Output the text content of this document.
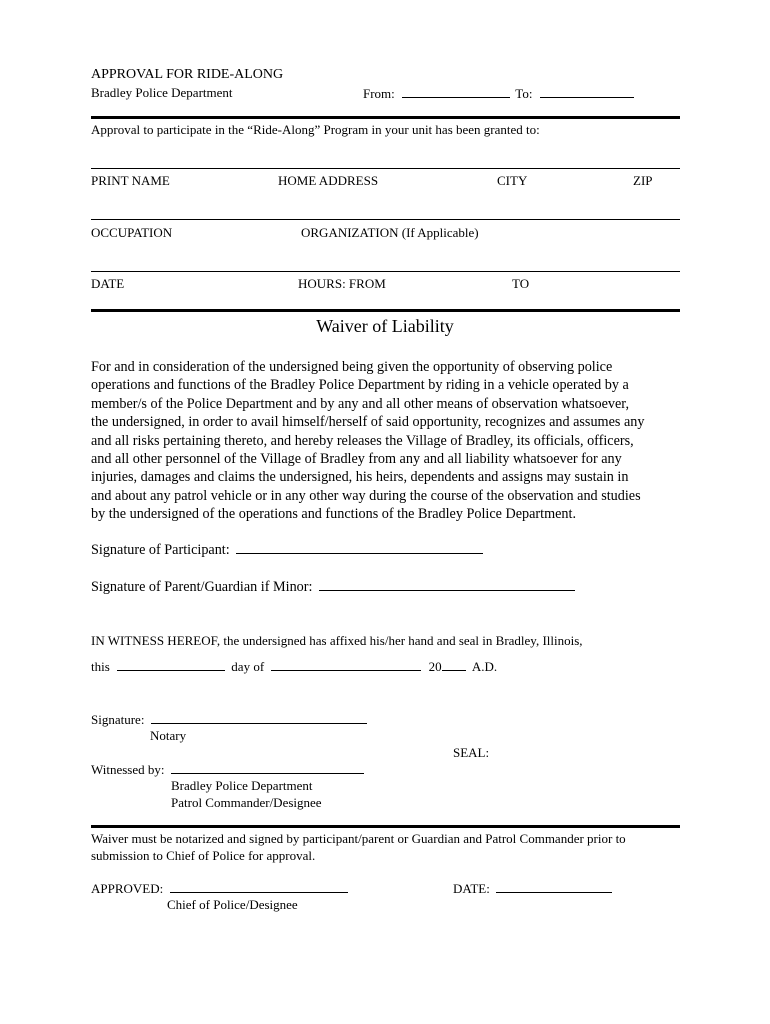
APPROVAL FOR RIDE-ALONG
Bradley Police Department	From:	To:
Approval to participate in the “Ride-Along” Program in your unit has been granted to:
PRINT NAME	HOME ADDRESS	CITY	ZIP
OCCUPATION	ORGANIZATION (If Applicable)
DATE	HOURS: FROM	TO
Waiver of Liability
For and in consideration of the undersigned being given the opportunity of observing police
operations and functions of the Bradley Police Department by riding in a vehicle operated by a
member/s of the Police Department and by any and all other means of observation whatsoever,
the undersigned, in order to avail himself/herself of said opportunity, recognizes and assumes any
and all risks pertaining thereto, and hereby releases the Village of Bradley, its officials, officers,
and all other personnel of the Village of Bradley from any and all liability whatsoever for any
injuries, damages and claims the undersigned, his heirs, dependents and assigns may sustain in
and about any patrol vehicle or in any other way during the course of the observation and studies
by the undersigned of the operations and functions of the Bradley Police Department.
Signature of Participant:
Signature of Parent/Guardian if Minor:
IN WITNESS HEREOF, the undersigned has affixed his/her hand and seal in Bradley, Illinois,
this	day of	20 A.D.
Signature:
Notary
SEAL:
Witnessed by:
Bradley Police Department
Patrol Commander/Designee
Waiver must be notarized and signed by participant/parent or Guardian and Patrol Commander prior to
submission to Chief of Police for approval.
APPROVED:
Chief of Police/Designee
DATE:
